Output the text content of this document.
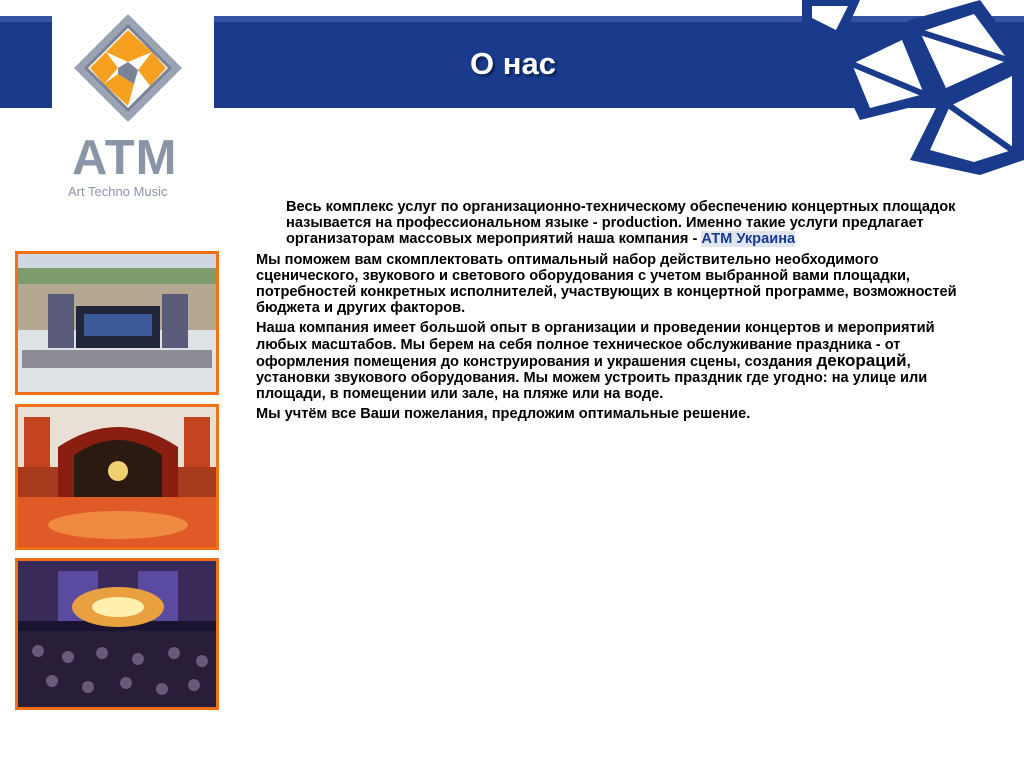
О нас
ATM
Art Techno Music

Весь комплекс услуг по организационно-техническому обеспечению концертных площадок называется на профессиональном языке - production. Именно такие услуги предлагает организаторам массовых мероприятий наша компания - АТМ Украина

Мы поможем вам скомплектовать оптимальный набор действительно необходимого сценического, звукового и светового оборудования с учетом выбранной вами площадки, потребностей конкретных исполнителей, участвующих в концертной программе, возможностей бюджета и других факторов.

Наша компания имеет большой опыт в организации и проведении концертов и мероприятий любых масштабов. Мы берем на себя полное техническое обслуживание праздника - от оформления помещения до конструирования и украшения сцены, создания декораций, установки звукового оборудования. Мы можем устроить праздник где угодно: на улице или площади, в помещении или зале, на пляже или на воде.

Мы учтём все Ваши пожелания, предложим оптимальные решение.
